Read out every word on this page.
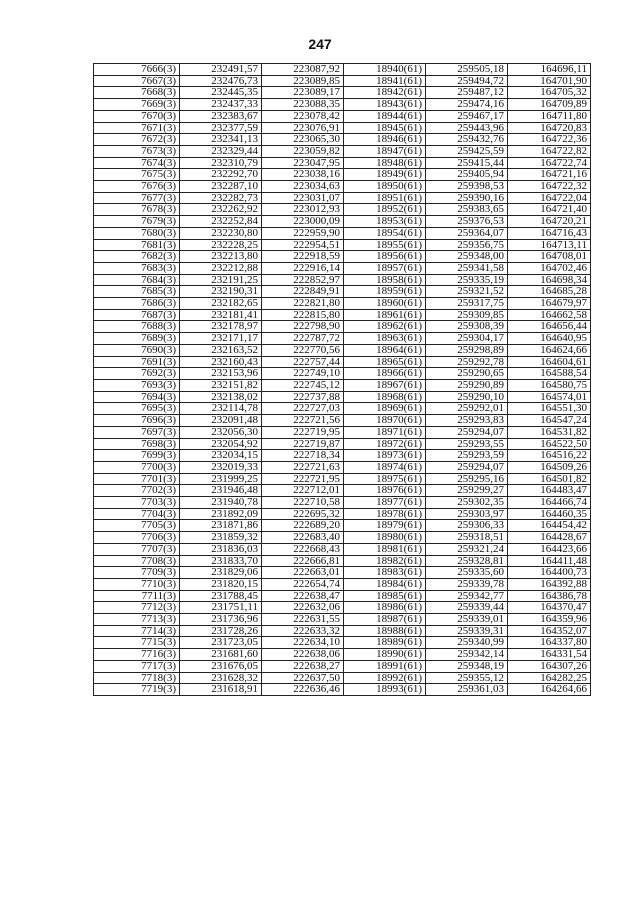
247
7666(3)	232491,57	223087,92	18940(61)	259505,18	164696,11
7667(3)	232476,73	223089,85	18941(61)	259494,72	164701,90
7668(3)	232445,35	223089,17	18942(61)	259487,12	164705,32
7669(3)	232437,33	223088,35	18943(61)	259474,16	164709,89
7670(3)	232383,67	223078,42	18944(61)	259467,17	164711,80
7671(3)	232377,59	223076,91	18945(61)	259443,96	164720,83
7672(3)	232341,13	223065,30	18946(61)	259432,76	164722,36
7673(3)	232329,44	223059,82	18947(61)	259425,59	164722,82
7674(3)	232310,79	223047,95	18948(61)	259415,44	164722,74
7675(3)	232292,70	223038,16	18949(61)	259405,94	164721,16
7676(3)	232287,10	223034,63	18950(61)	259398,53	164722,32
7677(3)	232282,73	223031,07	18951(61)	259390,16	164722,04
7678(3)	232262,92	223012,93	18952(61)	259383,65	164721,40
7679(3)	232252,84	223000,09	18953(61)	259376,53	164720,21
7680(3)	232230,80	222959,90	18954(61)	259364,07	164716,43
7681(3)	232228,25	222954,51	18955(61)	259356,75	164713,11
7682(3)	232213,80	222918,59	18956(61)	259348,00	164708,01
7683(3)	232212,88	222916,14	18957(61)	259341,58	164702,46
7684(3)	232191,25	222852,97	18958(61)	259335,19	164698,34
7685(3)	232190,31	222849,91	18959(61)	259321,52	164685,28
7686(3)	232182,65	222821,80	18960(61)	259317,75	164679,97
7687(3)	232181,41	222815,80	18961(61)	259309,85	164662,58
7688(3)	232178,97	222798,90	18962(61)	259308,39	164656,44
7689(3)	232171,17	222787,72	18963(61)	259304,17	164640,95
7690(3)	232163,52	222770,56	18964(61)	259298,89	164624,66
7691(3)	232160,43	222757,44	18965(61)	259292,78	164604,61
7692(3)	232153,96	222749,10	18966(61)	259290,65	164588,54
7693(3)	232151,82	222745,12	18967(61)	259290,89	164580,75
7694(3)	232138,02	222737,88	18968(61)	259290,10	164574,01
7695(3)	232114,78	222727,03	18969(61)	259292,01	164551,30
7696(3)	232091,48	222721,56	18970(61)	259293,83	164547,24
7697(3)	232056,30	222719,95	18971(61)	259294,07	164531,82
7698(3)	232054,92	222719,87	18972(61)	259293,55	164522,50
7699(3)	232034,15	222718,34	18973(61)	259293,59	164516,22
7700(3)	232019,33	222721,63	18974(61)	259294,07	164509,26
7701(3)	231999,25	222721,95	18975(61)	259295,16	164501,82
7702(3)	231946,48	222712,01	18976(61)	259299,27	164483,47
7703(3)	231940,78	222710,58	18977(61)	259302,35	164466,74
7704(3)	231892,09	222695,32	18978(61)	259303,97	164460,35
7705(3)	231871,86	222689,20	18979(61)	259306,33	164454,42
7706(3)	231859,32	222683,40	18980(61)	259318,51	164428,67
7707(3)	231836,03	222668,43	18981(61)	259321,24	164423,66
7708(3)	231833,70	222666,81	18982(61)	259328,81	164411,48
7709(3)	231829,06	222663,01	18983(61)	259335,60	164400,73
7710(3)	231820,15	222654,74	18984(61)	259339,78	164392,88
7711(3)	231788,45	222638,47	18985(61)	259342,77	164386,78
7712(3)	231751,11	222632,06	18986(61)	259339,44	164370,47
7713(3)	231736,96	222631,55	18987(61)	259339,01	164359,96
7714(3)	231728,26	222633,32	18988(61)	259339,31	164352,07
7715(3)	231723,05	222634,10	18989(61)	259340,99	164337,80
7716(3)	231681,60	222638,06	18990(61)	259342,14	164331,54
7717(3)	231676,05	222638,27	18991(61)	259348,19	164307,26
7718(3)	231628,32	222637,50	18992(61)	259355,12	164282,25
7719(3)	231618,91	222636,46	18993(61)	259361,03	164264,66
